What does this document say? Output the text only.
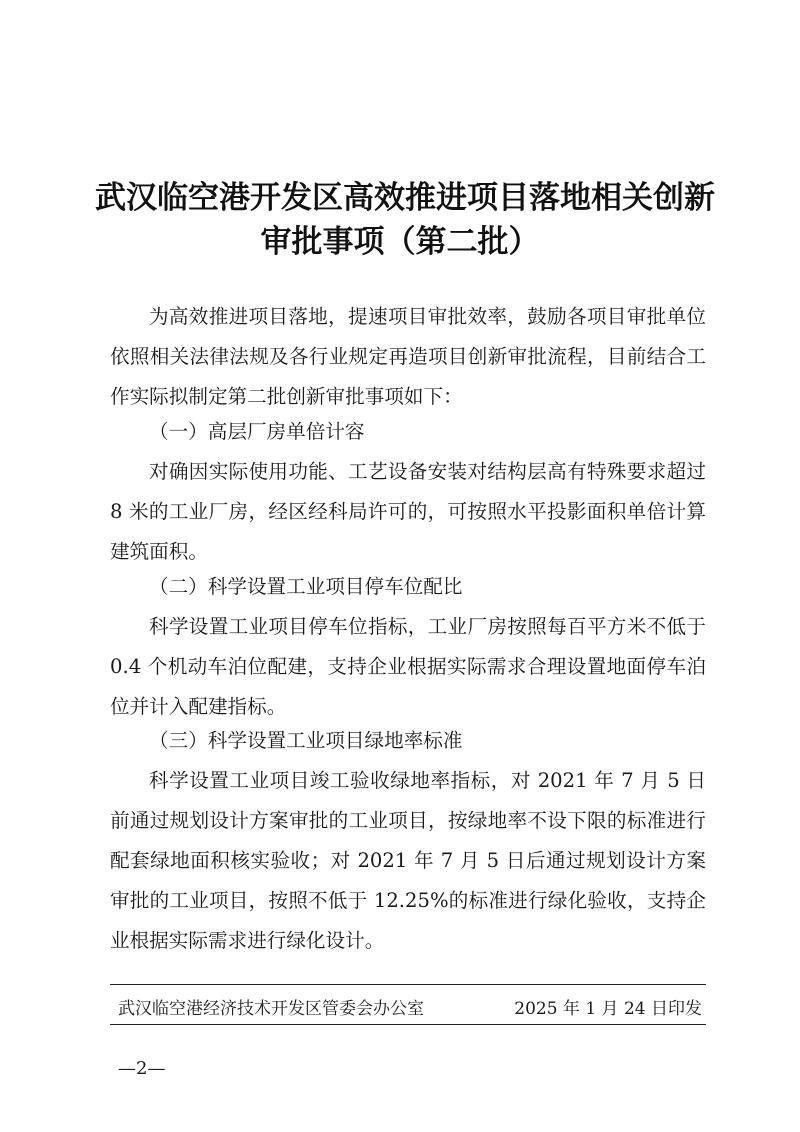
武汉临空港开发区高效推进项目落地相关创新
审批事项（第二批）
为高效推进项目落地，提速项目审批效率，鼓励各项目审批单位依照相关法律法规及各行业规定再造项目创新审批流程，目前结合工作实际拟制定第二批创新审批事项如下：
（一）高层厂房单倍计容
对确因实际使用功能、工艺设备安装对结构层高有特殊要求超过 8 米的工业厂房，经区经科局许可的，可按照水平投影面积单倍计算建筑面积。
（二）科学设置工业项目停车位配比
科学设置工业项目停车位指标，工业厂房按照每百平方米不低于 0.4 个机动车泊位配建，支持企业根据实际需求合理设置地面停车泊位并计入配建指标。
（三）科学设置工业项目绿地率标准
科学设置工业项目竣工验收绿地率指标，对 2021 年 7 月 5 日前通过规划设计方案审批的工业项目，按绿地率不设下限的标准进行配套绿地面积核实验收；对 2021 年 7 月 5 日后通过规划设计方案审批的工业项目，按照不低于 12.25%的标准进行绿化验收，支持企业根据实际需求进行绿化设计。
武汉临空港经济技术开发区管委会办公室	2025 年 1 月 24 日印发
—2—
